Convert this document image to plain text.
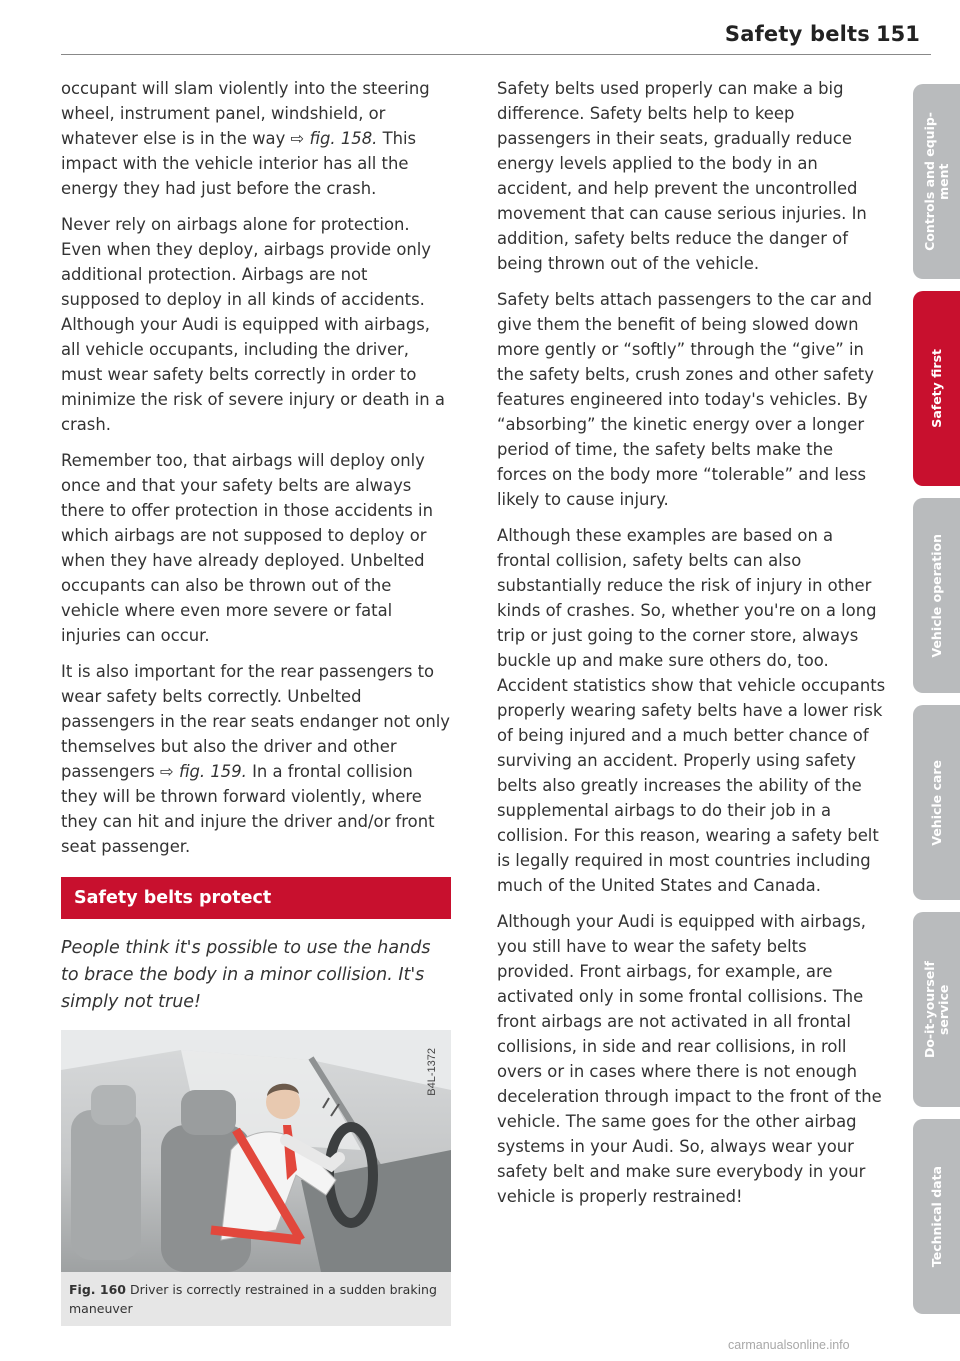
Safety belts 151

occupant will slam violently into the steering wheel, instrument panel, windshield, or whatever else is in the way ⇨ fig. 158. This impact with the vehicle interior has all the energy they had just before the crash.

Never rely on airbags alone for protection. Even when they deploy, airbags provide only additional protection. Airbags are not supposed to deploy in all kinds of accidents. Although your Audi is equipped with airbags, all vehicle occupants, including the driver, must wear safety belts correctly in order to minimize the risk of severe injury or death in a crash.

Remember too, that airbags will deploy only once and that your safety belts are always there to offer protection in those accidents in which airbags are not supposed to deploy or when they have already deployed. Unbelted occupants can also be thrown out of the vehicle where even more severe or fatal injuries can occur.

It is also important for the rear passengers to wear safety belts correctly. Unbelted passengers in the rear seats endanger not only themselves but also the driver and other passengers ⇨ fig. 159. In a frontal collision they will be thrown forward violently, where they can hit and injure the driver and/or front seat passenger.

Safety belts protect

People think it's possible to use the hands to brace the body in a minor collision. It's simply not true!

B4L-1372
Fig. 160 Driver is correctly restrained in a sudden braking maneuver

Safety belts used properly can make a big difference. Safety belts help to keep passengers in their seats, gradually reduce energy levels applied to the body in an accident, and help prevent the uncontrolled movement that can cause serious injuries. In addition, safety belts reduce the danger of being thrown out of the vehicle.

Safety belts attach passengers to the car and give them the benefit of being slowed down more gently or “softly” through the “give” in the safety belts, crush zones and other safety features engineered into today's vehicles. By “absorbing” the kinetic energy over a longer period of time, the safety belts make the forces on the body more “tolerable” and less likely to cause injury.

Although these examples are based on a frontal collision, safety belts can also substantially reduce the risk of injury in other kinds of crashes. So, whether you're on a long trip or just going to the corner store, always buckle up and make sure others do, too. Accident statistics show that vehicle occupants properly wearing safety belts have a lower risk of being injured and a much better chance of surviving an accident. Properly using safety belts also greatly increases the ability of the supplemental airbags to do their job in a collision. For this reason, wearing a safety belt is legally required in most countries including much of the United States and Canada.

Although your Audi is equipped with airbags, you still have to wear the safety belts provided. Front airbags, for example, are activated only in some frontal collisions. The front airbags are not activated in all frontal collisions, in side and rear collisions, in roll overs or in cases where there is not enough deceleration through impact to the front of the vehicle. The same goes for the other airbag systems in your Audi. So, always wear your safety belt and make sure everybody in your vehicle is properly restrained!

Controls and equip-
ment
Safety first
Vehicle operation
Vehicle care
Do-it-yourself
service
Technical data
carmanualsonline.info
